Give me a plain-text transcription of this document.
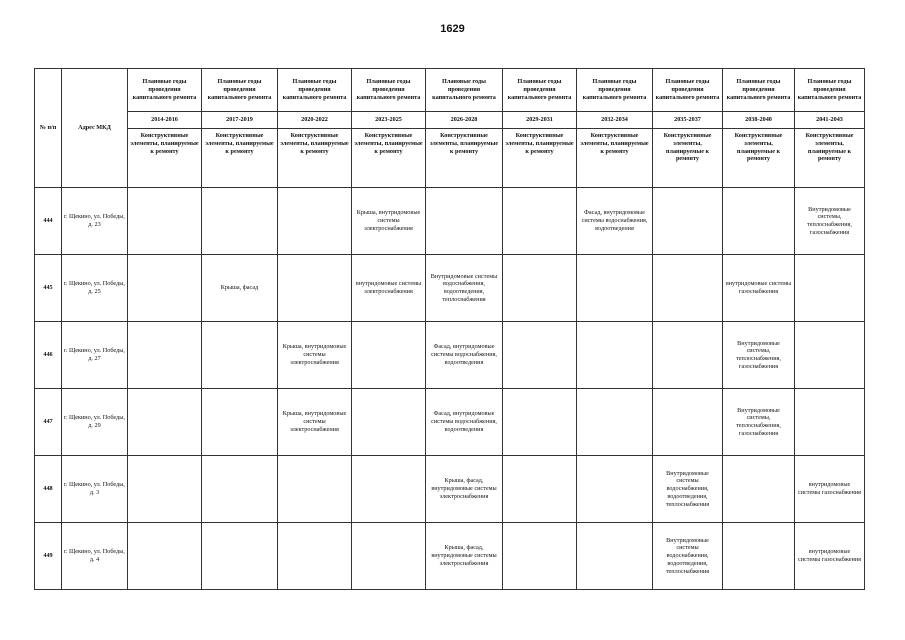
1629
№ п/п	Адрес МКД	Плановые годы проведения капитального ремонта	Плановые годы проведения капитального ремонта	Плановые годы проведения капитального ремонта	Плановые годы проведения капитального ремонта	Плановые годы проведения капитального ремонта	Плановые годы проведения капитального ремонта	Плановые годы проведения капитального ремонта	Плановые годы проведения капитального ремонта	Плановые годы проведения капитального ремонта	Плановые годы проведения капитального ремонта
		2014-2016	2017-2019	2020-2022	2023-2025	2026-2028	2029-2031	2032-2034	2035-2037	2038-2040	2041-2043
		Конструктивные элементы, планируемые к ремонту	Конструктивные элементы, планируемые к ремонту	Конструктивные элементы, планируемые к ремонту	Конструктивные элементы, планируемые к ремонту	Конструктивные элементы, планируемые к ремонту	Конструктивные элементы, планируемые к ремонту	Конструктивные элементы, планируемые к ремонту	Конструктивные элементы, планируемые к ремонту	Конструктивные элементы, планируемые к ремонту	Конструктивные элементы, планируемые к ремонту
444	г. Щекино, ул. Победы, д. 23				Крыша, внутридомовые системы электроснабжения			Фасад, внутридомовые системы водоснабжения, водоотведения			Внутридомовые системы, теплоснабжения, газоснабжения
445	г. Щекино, ул. Победы, д. 25		Крыша, фасад		внутридомовые системы электроснабжения	Внутридомовые системы водоснабжения, водоотведения, теплоснабжения				внутридомовые системы газоснабжения	
446	г. Щекино, ул. Победы, д. 27			Крыша, внутридомовые системы электроснабжения		Фасад, внутридомовые системы водоснабжения, водоотведения				Внутридомовые системы, теплоснабжения, газоснабжения	
447	г. Щекино, ул. Победы, д. 29			Крыша, внутридомовые системы электроснабжения		Фасад, внутридомовые системы водоснабжения, водоотведения				Внутридомовые системы, теплоснабжения, газоснабжения	
448	г. Щекино, ул. Победы, д. 3					Крыша, фасад, внутридомовые системы электроснабжения			Внутридомовые системы водоснабжения, водоотведения, теплоснабжения		внутридомовые системы газоснабжения
449	г. Щекино, ул. Победы, д. 4					Крыша, фасад, внутридомовые системы электроснабжения			Внутридомовые системы водоснабжения, водоотведения, теплоснабжения		внутридомовые системы газоснабжения
